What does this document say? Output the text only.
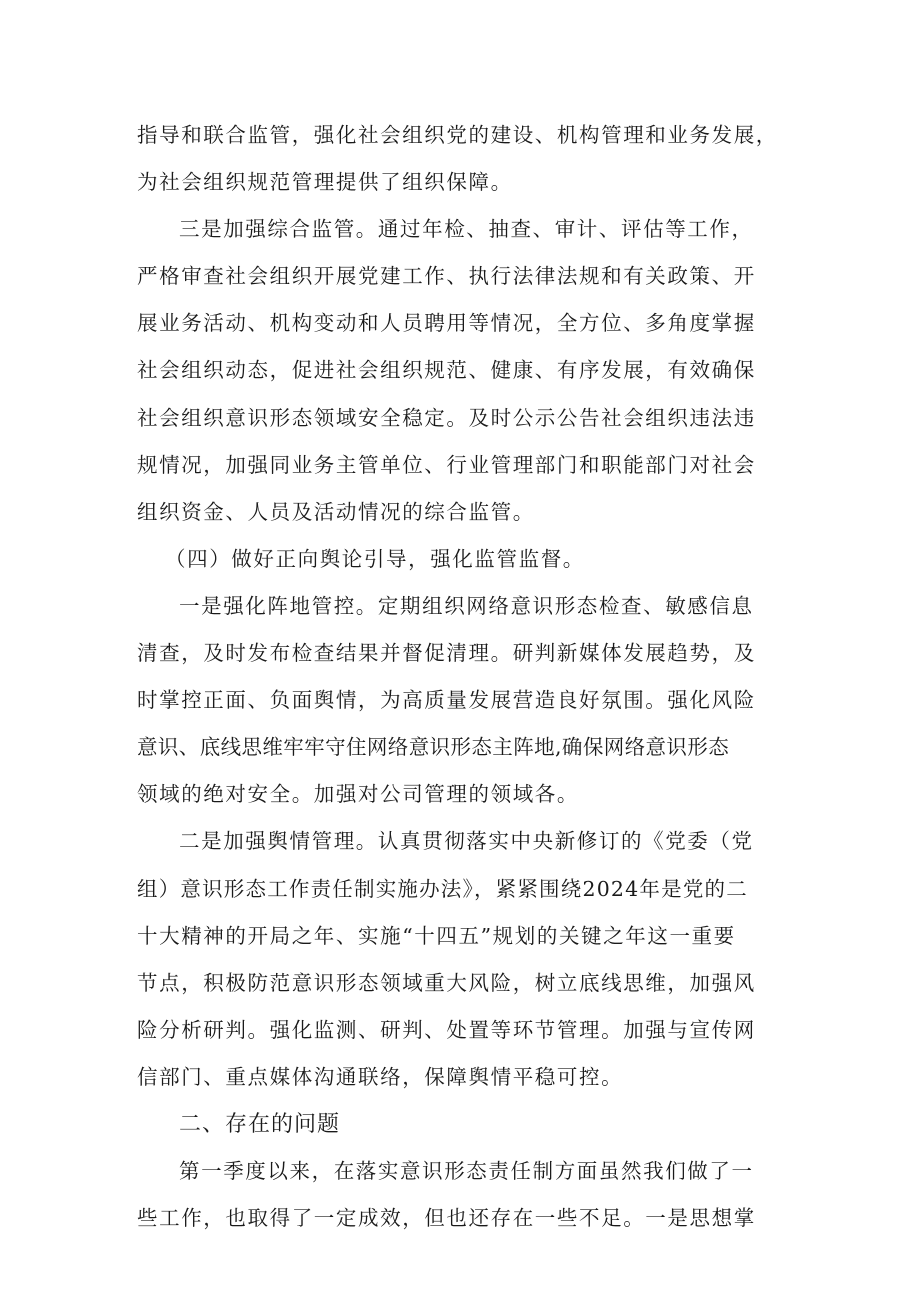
指导和联合监管，强化社会组织党的建设、机构管理和业务发展，
为社会组织规范管理提供了组织保障。
三是加强综合监管。通过年检、抽查、审计、评估等工作，
严格审查社会组织开展党建工作、执行法律法规和有关政策、开
展业务活动、机构变动和人员聘用等情况，全方位、多角度掌握
社会组织动态，促进社会组织规范、健康、有序发展，有效确保
社会组织意识形态领域安全稳定。及时公示公告社会组织违法违
规情况，加强同业务主管单位、行业管理部门和职能部门对社会
组织资金、人员及活动情况的综合监管。
（四）做好正向舆论引导，强化监管监督。
一是强化阵地管控。定期组织网络意识形态检查、敏感信息
清查，及时发布检查结果并督促清理。研判新媒体发展趋势，及
时掌控正面、负面舆情，为高质量发展营造良好氛围。强化风险
意识、底线思维牢牢守住网络意识形态主阵地,确保网络意识形态
领域的绝对安全。加强对公司管理的领域各。
二是加强舆情管理。认真贯彻落实中央新修订的《党委（党
组）意识形态工作责任制实施办法》，紧紧围绕2024年是党的二
十大精神的开局之年、实施“十四五”规划的关键之年这一重要
节点，积极防范意识形态领域重大风险，树立底线思维，加强风
险分析研判。强化监测、研判、处置等环节管理。加强与宣传网
信部门、重点媒体沟通联络，保障舆情平稳可控。
二、存在的问题
第一季度以来，在落实意识形态责任制方面虽然我们做了一
些工作，也取得了一定成效，但也还存在一些不足。一是思想掌
